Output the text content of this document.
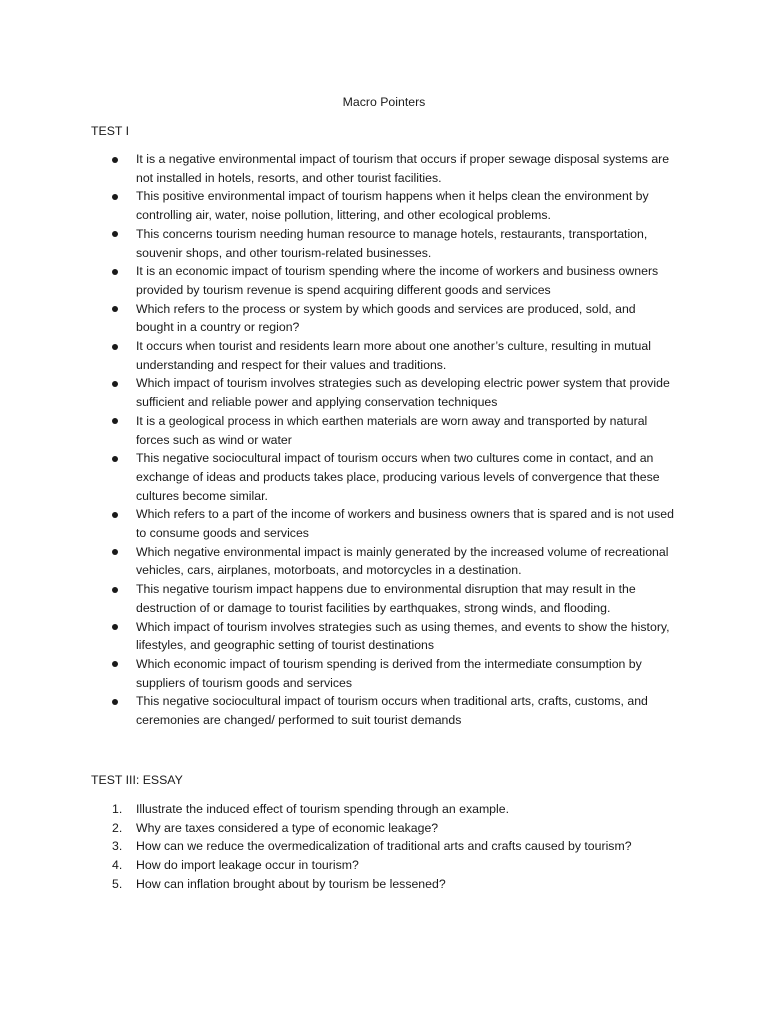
Macro Pointers
TEST I
It is a negative environmental impact of tourism that occurs if proper sewage disposal systems are not installed in hotels, resorts, and other tourist facilities.
This positive environmental impact of tourism happens when it helps clean the environment by controlling air, water, noise pollution, littering, and other ecological problems.
This concerns tourism needing human resource to manage hotels, restaurants, transportation, souvenir shops, and other tourism-related businesses.
It is an economic impact of tourism spending where the income of workers and business owners provided by tourism revenue is spend acquiring different goods and services
Which refers to the process or system by which goods and services are produced, sold, and bought in a country or region?
It occurs when tourist and residents learn more about one another’s culture, resulting in mutual understanding and respect for their values and traditions.
Which impact of tourism involves strategies such as developing electric power system that provide sufficient and reliable power and applying conservation techniques
It is a geological process in which earthen materials are worn away and transported by natural forces such as wind or water
This negative sociocultural impact of tourism occurs when two cultures come in contact, and an exchange of ideas and products takes place, producing various levels of convergence that these cultures become similar.
Which refers to a part of the income of workers and business owners that is spared and is not used to consume goods and services
Which negative environmental impact is mainly generated by the increased volume of recreational vehicles, cars, airplanes, motorboats, and motorcycles in a destination.
This negative tourism impact happens due to environmental disruption that may result in the destruction of or damage to tourist facilities by earthquakes, strong winds, and flooding.
Which impact of tourism involves strategies such as using themes, and events to show the history, lifestyles, and geographic setting of tourist destinations
Which economic impact of tourism spending is derived from the intermediate consumption by suppliers of tourism goods and services
This negative sociocultural impact of tourism occurs when traditional arts, crafts, customs, and ceremonies are changed/ performed to suit tourist demands
TEST III: ESSAY
1. Illustrate the induced effect of tourism spending through an example.
2. Why are taxes considered a type of economic leakage?
3. How can we reduce the overmedicalization of traditional arts and crafts caused by tourism?
4. How do import leakage occur in tourism?
5. How can inflation brought about by tourism be lessened?
